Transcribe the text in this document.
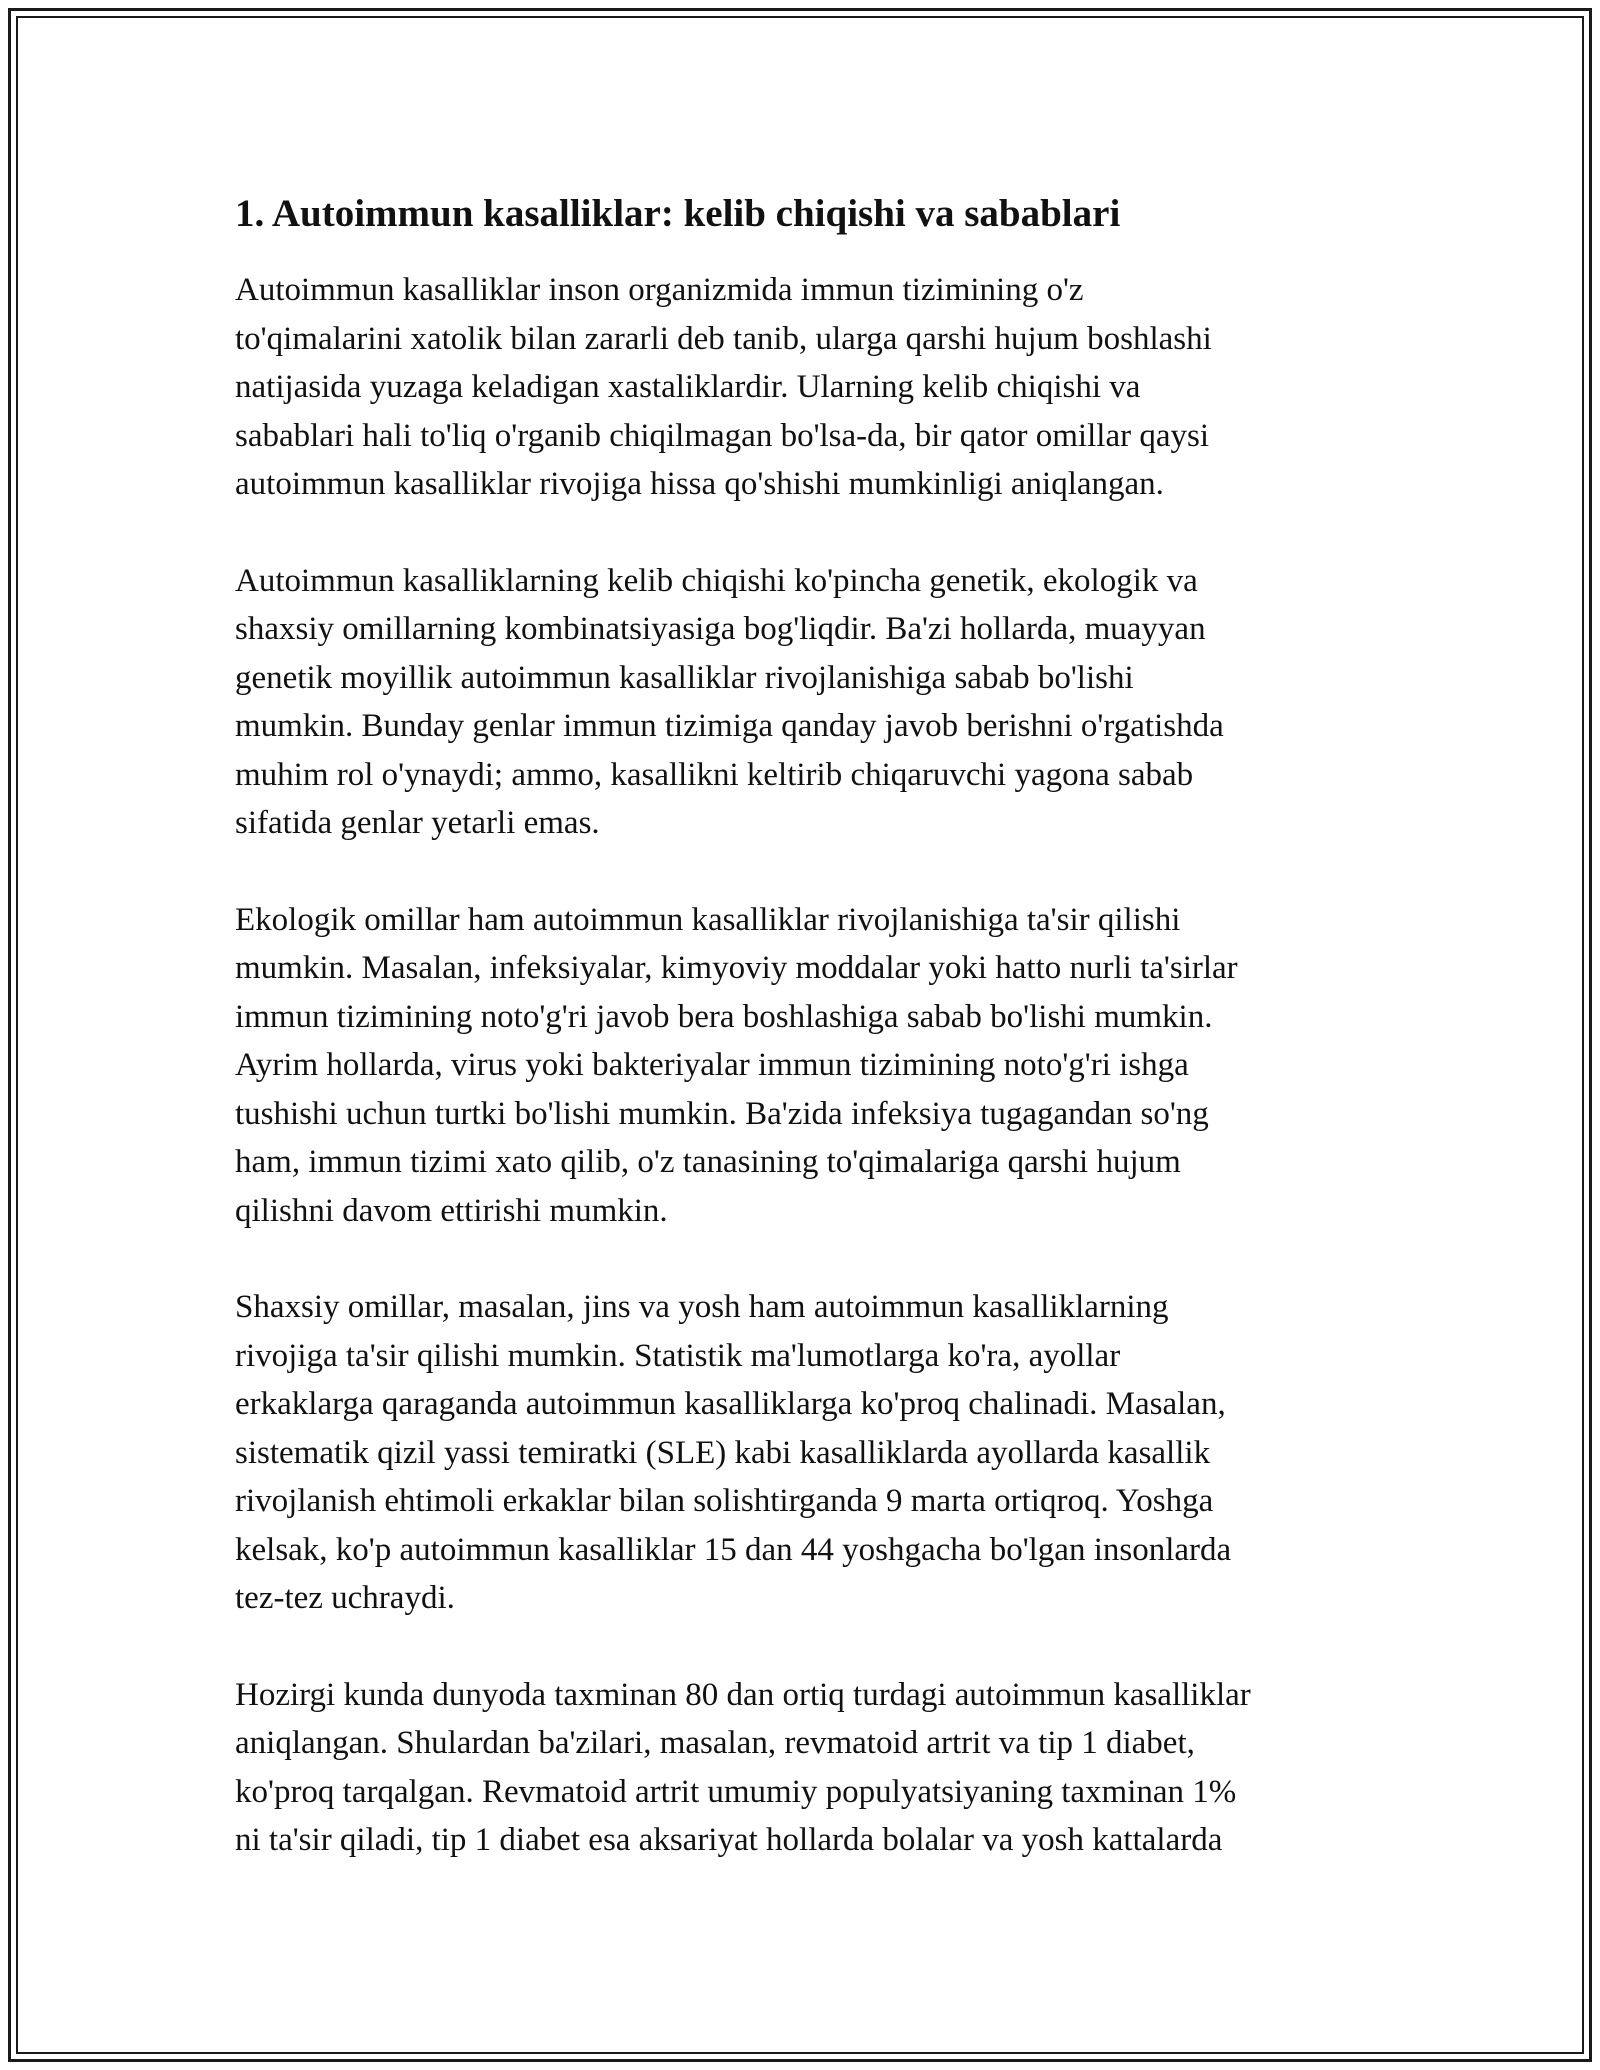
1. Autoimmun kasalliklar: kelib chiqishi va sabablari

Autoimmun kasalliklar inson organizmida immun tizimining o'z
to'qimalarini xatolik bilan zararli deb tanib, ularga qarshi hujum boshlashi
natijasida yuzaga keladigan xastaliklardir. Ularning kelib chiqishi va
sabablari hali to'liq o'rganib chiqilmagan bo'lsa-da, bir qator omillar qaysi
autoimmun kasalliklar rivojiga hissa qo'shishi mumkinligi aniqlangan.

Autoimmun kasalliklarning kelib chiqishi ko'pincha genetik, ekologik va
shaxsiy omillarning kombinatsiyasiga bog'liqdir. Ba'zi hollarda, muayyan
genetik moyillik autoimmun kasalliklar rivojlanishiga sabab bo'lishi
mumkin. Bunday genlar immun tizimiga qanday javob berishni o'rgatishda
muhim rol o'ynaydi; ammo, kasallikni keltirib chiqaruvchi yagona sabab
sifatida genlar yetarli emas.

Ekologik omillar ham autoimmun kasalliklar rivojlanishiga ta'sir qilishi
mumkin. Masalan, infeksiyalar, kimyoviy moddalar yoki hatto nurli ta'sirlar
immun tizimining noto'g'ri javob bera boshlashiga sabab bo'lishi mumkin.
Ayrim hollarda, virus yoki bakteriyalar immun tizimining noto'g'ri ishga
tushishi uchun turtki bo'lishi mumkin. Ba'zida infeksiya tugagandan so'ng
ham, immun tizimi xato qilib, o'z tanasining to'qimalariga qarshi hujum
qilishni davom ettirishi mumkin.

Shaxsiy omillar, masalan, jins va yosh ham autoimmun kasalliklarning
rivojiga ta'sir qilishi mumkin. Statistik ma'lumotlarga ko'ra, ayollar
erkaklarga qaraganda autoimmun kasalliklarga ko'proq chalinadi. Masalan,
sistematik qizil yassi temiratki (SLE) kabi kasalliklarda ayollarda kasallik
rivojlanish ehtimoli erkaklar bilan solishtirganda 9 marta ortiqroq. Yoshga
kelsak, ko'p autoimmun kasalliklar 15 dan 44 yoshgacha bo'lgan insonlarda
tez-tez uchraydi.

Hozirgi kunda dunyoda taxminan 80 dan ortiq turdagi autoimmun kasalliklar
aniqlangan. Shulardan ba'zilari, masalan, revmatoid artrit va tip 1 diabet,
ko'proq tarqalgan. Revmatoid artrit umumiy populyatsiyaning taxminan 1%
ni ta'sir qiladi, tip 1 diabet esa aksariyat hollarda bolalar va yosh kattalarda
